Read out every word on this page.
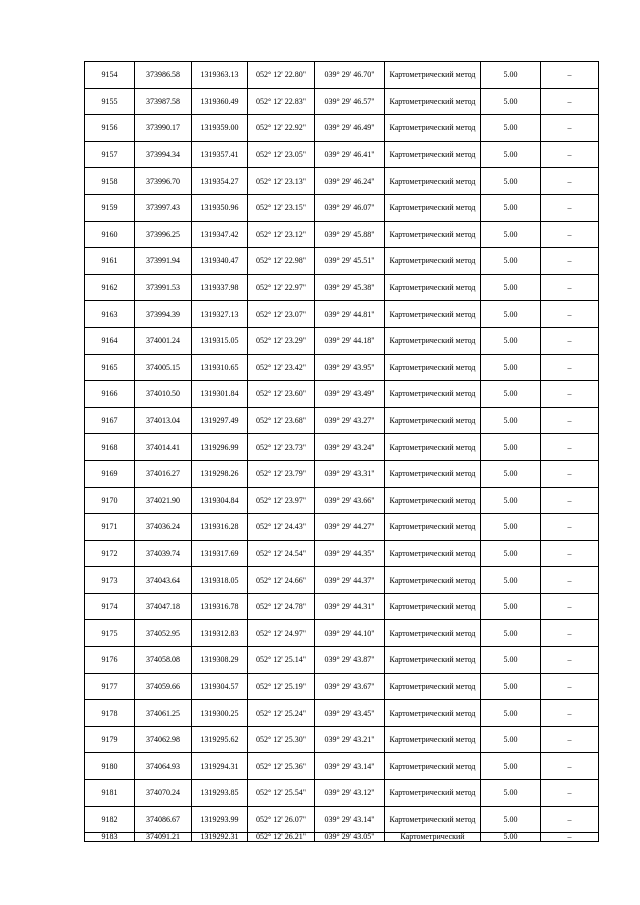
9154	373986.58	1319363.13	052° 12' 22.80"	039° 29' 46.70"	Картометрический метод	5.00	–
9155	373987.58	1319360.49	052° 12' 22.83"	039° 29' 46.57"	Картометрический метод	5.00	–
9156	373990.17	1319359.00	052° 12' 22.92"	039° 29' 46.49"	Картометрический метод	5.00	–
9157	373994.34	1319357.41	052° 12' 23.05"	039° 29' 46.41"	Картометрический метод	5.00	–
9158	373996.70	1319354.27	052° 12' 23.13"	039° 29' 46.24"	Картометрический метод	5.00	–
9159	373997.43	1319350.96	052° 12' 23.15"	039° 29' 46.07"	Картометрический метод	5.00	–
9160	373996.25	1319347.42	052° 12' 23.12"	039° 29' 45.88"	Картометрический метод	5.00	–
9161	373991.94	1319340.47	052° 12' 22.98"	039° 29' 45.51"	Картометрический метод	5.00	–
9162	373991.53	1319337.98	052° 12' 22.97"	039° 29' 45.38"	Картометрический метод	5.00	–
9163	373994.39	1319327.13	052° 12' 23.07"	039° 29' 44.81"	Картометрический метод	5.00	–
9164	374001.24	1319315.05	052° 12' 23.29"	039° 29' 44.18"	Картометрический метод	5.00	–
9165	374005.15	1319310.65	052° 12' 23.42"	039° 29' 43.95"	Картометрический метод	5.00	–
9166	374010.50	1319301.84	052° 12' 23.60"	039° 29' 43.49"	Картометрический метод	5.00	–
9167	374013.04	1319297.49	052° 12' 23.68"	039° 29' 43.27"	Картометрический метод	5.00	–
9168	374014.41	1319296.99	052° 12' 23.73"	039° 29' 43.24"	Картометрический метод	5.00	–
9169	374016.27	1319298.26	052° 12' 23.79"	039° 29' 43.31"	Картометрический метод	5.00	–
9170	374021.90	1319304.84	052° 12' 23.97"	039° 29' 43.66"	Картометрический метод	5.00	–
9171	374036.24	1319316.28	052° 12' 24.43"	039° 29' 44.27"	Картометрический метод	5.00	–
9172	374039.74	1319317.69	052° 12' 24.54"	039° 29' 44.35"	Картометрический метод	5.00	–
9173	374043.64	1319318.05	052° 12' 24.66"	039° 29' 44.37"	Картометрический метод	5.00	–
9174	374047.18	1319316.78	052° 12' 24.78"	039° 29' 44.31"	Картометрический метод	5.00	–
9175	374052.95	1319312.83	052° 12' 24.97"	039° 29' 44.10"	Картометрический метод	5.00	–
9176	374058.08	1319308.29	052° 12' 25.14"	039° 29' 43.87"	Картометрический метод	5.00	–
9177	374059.66	1319304.57	052° 12' 25.19"	039° 29' 43.67"	Картометрический метод	5.00	–
9178	374061.25	1319300.25	052° 12' 25.24"	039° 29' 43.45"	Картометрический метод	5.00	–
9179	374062.98	1319295.62	052° 12' 25.30"	039° 29' 43.21"	Картометрический метод	5.00	–
9180	374064.93	1319294.31	052° 12' 25.36"	039° 29' 43.14"	Картометрический метод	5.00	–
9181	374070.24	1319293.85	052° 12' 25.54"	039° 29' 43.12"	Картометрический метод	5.00	–
9182	374086.67	1319293.99	052° 12' 26.07"	039° 29' 43.14"	Картометрический метод	5.00	–
9183	374091.21	1319292.31	052° 12' 26.21"	039° 29' 43.05"	Картометрический	5.00	–
